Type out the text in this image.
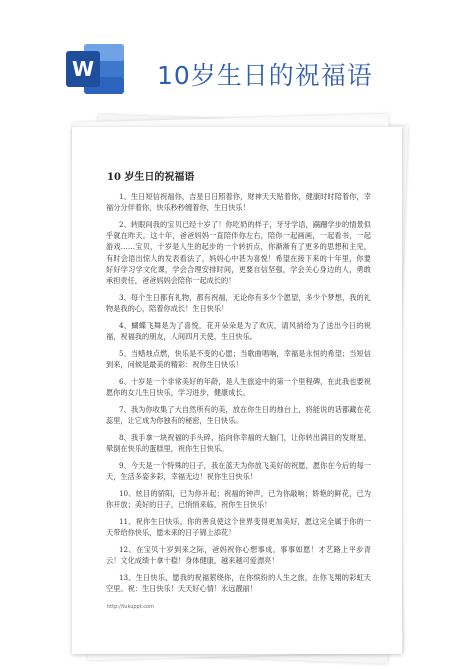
W	10岁生日的祝福语
10 岁生日的祝福语

1、生日短信祝福你，吉星日日照着你，财神天天贴着你，健康时时陪着你，幸福分分伴着你，快乐秒秒缠着你，生日快乐！

2、转眼间我的宝贝已经十岁了！你吃奶的样子，牙牙学语，蹒跚学步的情景似乎就在昨天。这十年，爸爸妈妈一直陪伴你左右，陪你一起画画，一起看书，一起游戏……宝贝，十岁是人生的起步的一个转折点，你渐渐有了更多的思想和主见，有时会语出惊人的发表看法了，妈妈心中甚为喜悦！希望在接下来的十年里，你要好好学习学文化课，学会合理安排时间，更要自信坚强，学会关心身边的人，勇敢承担责任，爸爸妈妈会陪你一起成长的！

3、每个生日都有礼物，都有祝福，无论你有多少个愿望，多少个梦想，我的礼物是我的心，陪着你成长！生日快乐！

4、蝴蝶飞舞是为了喜悦，花开朵朵是为了欢庆，请风捎给为了送出今日的祝福，祝福我的朋友，人间四月天使，生日快乐。

5、当蜡烛点燃，快乐是不变的心愿；当歌曲唱响，幸福是永恒的希望；当短信到来，问候是最美的精彩：祝你生日快乐！

6、十岁是一个非常美好的年龄，是人生旅途中的第一个里程碑，在此我也要祝愿你的女儿生日快乐，学习进步，健康成长。

7、我为你收集了大自然所有的美，放在你生日的烛台上，将能说的话都藏在花蕊里，让它成为你独有的秘密，生日快乐。

8、我手拿一块祝福的手头碎，掐向你幸福的大脑门，让你转出满目的发财星，晕倒在快乐的蛋糕里，祝你生日快乐。

9、今天是一个特殊的日子，我在蓝天为你放飞美好的祝愿，愿你在今后的每一天，生活多姿多彩，幸福无边！祝你生日快乐！

10、炫目的骄阳，已为你升起；祝福的钟声，已为你敲响；娇艳的鲜花，已为你开放；美好的日子，已悄悄来临，祝你生日快乐！

11、祝你生日快乐。你的善良使这个世界变得更加美好，愿这完全属于你的一天带给你快乐，愿未来的日子锦上添花！

12、在宝贝十岁到来之际，爸妈祝你心想事成，事事如愿！才艺路上平步青云！文化成绩十拿十稳！身体健康，越来越可爱漂亮！

13、生日快乐，愿我的祝福萦绕你，在你缤纷的人生之旅，在你飞翔的彩虹天空里。祝：生日快乐！天天好心情！永远靓丽！

http://tukuppt.com
